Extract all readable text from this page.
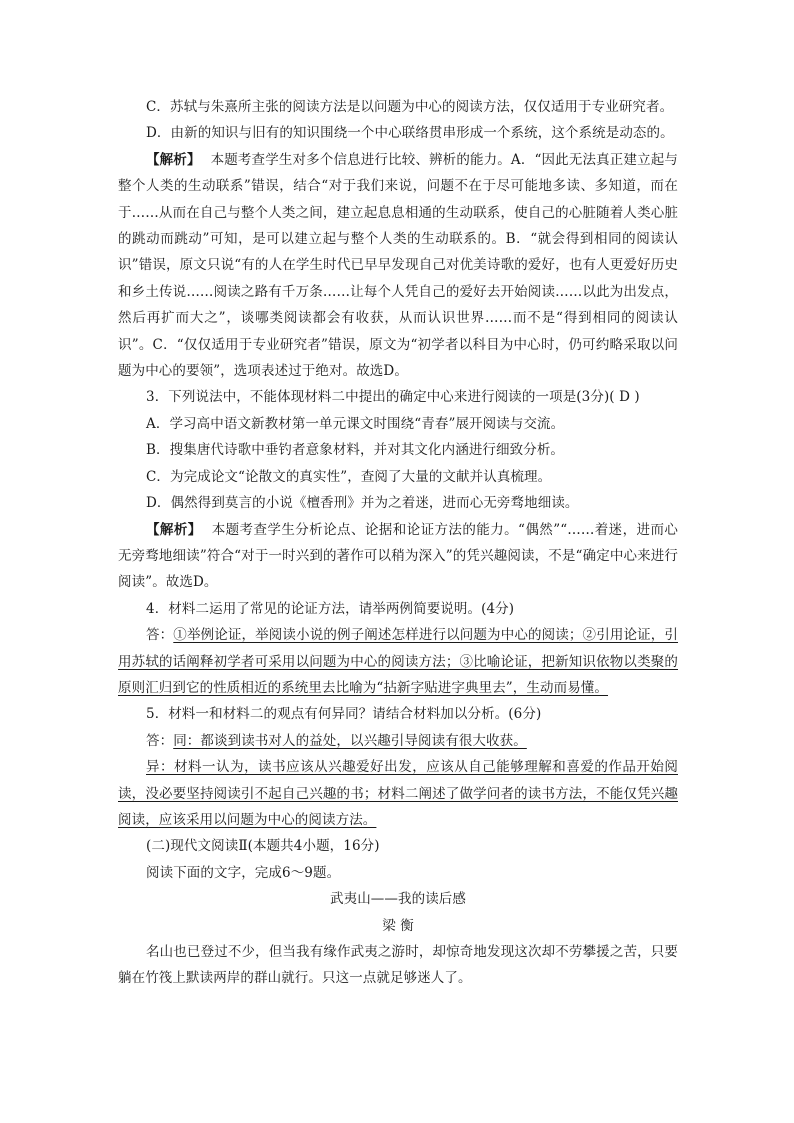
C．苏轼与朱熹所主张的阅读方法是以问题为中心的阅读方法，仅仅适用于专业研究者。

D．由新的知识与旧有的知识围绕一个中心联络贯串形成一个系统，这个系统是动态的。

【解析】 本题考查学生对多个信息进行比较、辨析的能力。A．“因此无法真正建立起与整个人类的生动联系”错误，结合“对于我们来说，问题不在于尽可能地多读、多知道，而在于……从而在自己与整个人类之间，建立起息息相通的生动联系，使自己的心脏随着人类心脏的跳动而跳动”可知，是可以建立起与整个人类的生动联系的。B．“就会得到相同的阅读认识”错误，原文只说“有的人在学生时代已早早发现自己对优美诗歌的爱好，也有人更爱好历史和乡土传说……阅读之路有千万条……让每个人凭自己的爱好去开始阅读……以此为出发点，然后再扩而大之”，谈哪类阅读都会有收获，从而认识世界……而不是“得到相同的阅读认识”。C．“仅仅适用于专业研究者”错误，原文为“初学者以科目为中心时，仍可约略采取以问题为中心的要领”，选项表述过于绝对。故选D。

3．下列说法中，不能体现材料二中提出的确定中心来进行阅读的一项是(3分)( D )

A．学习高中语文新教材第一单元课文时围绕“青春”展开阅读与交流。

B．搜集唐代诗歌中垂钓者意象材料，并对其文化内涵进行细致分析。

C．为完成论文“论散文的真实性”，查阅了大量的文献并认真梳理。

D．偶然得到莫言的小说《檀香刑》并为之着迷，进而心无旁骛地细读。

【解析】 本题考查学生分析论点、论据和论证方法的能力。“偶然”“……着迷，进而心无旁骛地细读”符合“对于一时兴到的著作可以稍为深入”的凭兴趣阅读，不是“确定中心来进行阅读”。故选D。

4．材料二运用了常见的论证方法，请举两例简要说明。(4分)

答：①举例论证，举阅读小说的例子阐述怎样进行以问题为中心的阅读；②引用论证，引用苏轼的话阐释初学者可采用以问题为中心的阅读方法；③比喻论证，把新知识依物以类聚的原则汇归到它的性质相近的系统里去比喻为“拈新字贴进字典里去”，生动而易懂。

5．材料一和材料二的观点有何异同？请结合材料加以分析。(6分)

答：同：都谈到读书对人的益处，以兴趣引导阅读有很大收获。

异：材料一认为，读书应该从兴趣爱好出发，应该从自己能够理解和喜爱的作品开始阅读，没必要坚持阅读引不起自己兴趣的书；材料二阐述了做学问者的读书方法，不能仅凭兴趣阅读，应该采用以问题为中心的阅读方法。

(二)现代文阅读Ⅱ(本题共4小题，16分)

阅读下面的文字，完成6～9题。

武夷山——我的读后感

梁 衡

名山也已登过不少，但当我有缘作武夷之游时，却惊奇地发现这次却不劳攀援之苦，只要躺在竹筏上默读两岸的群山就行。只这一点就足够迷人了。
